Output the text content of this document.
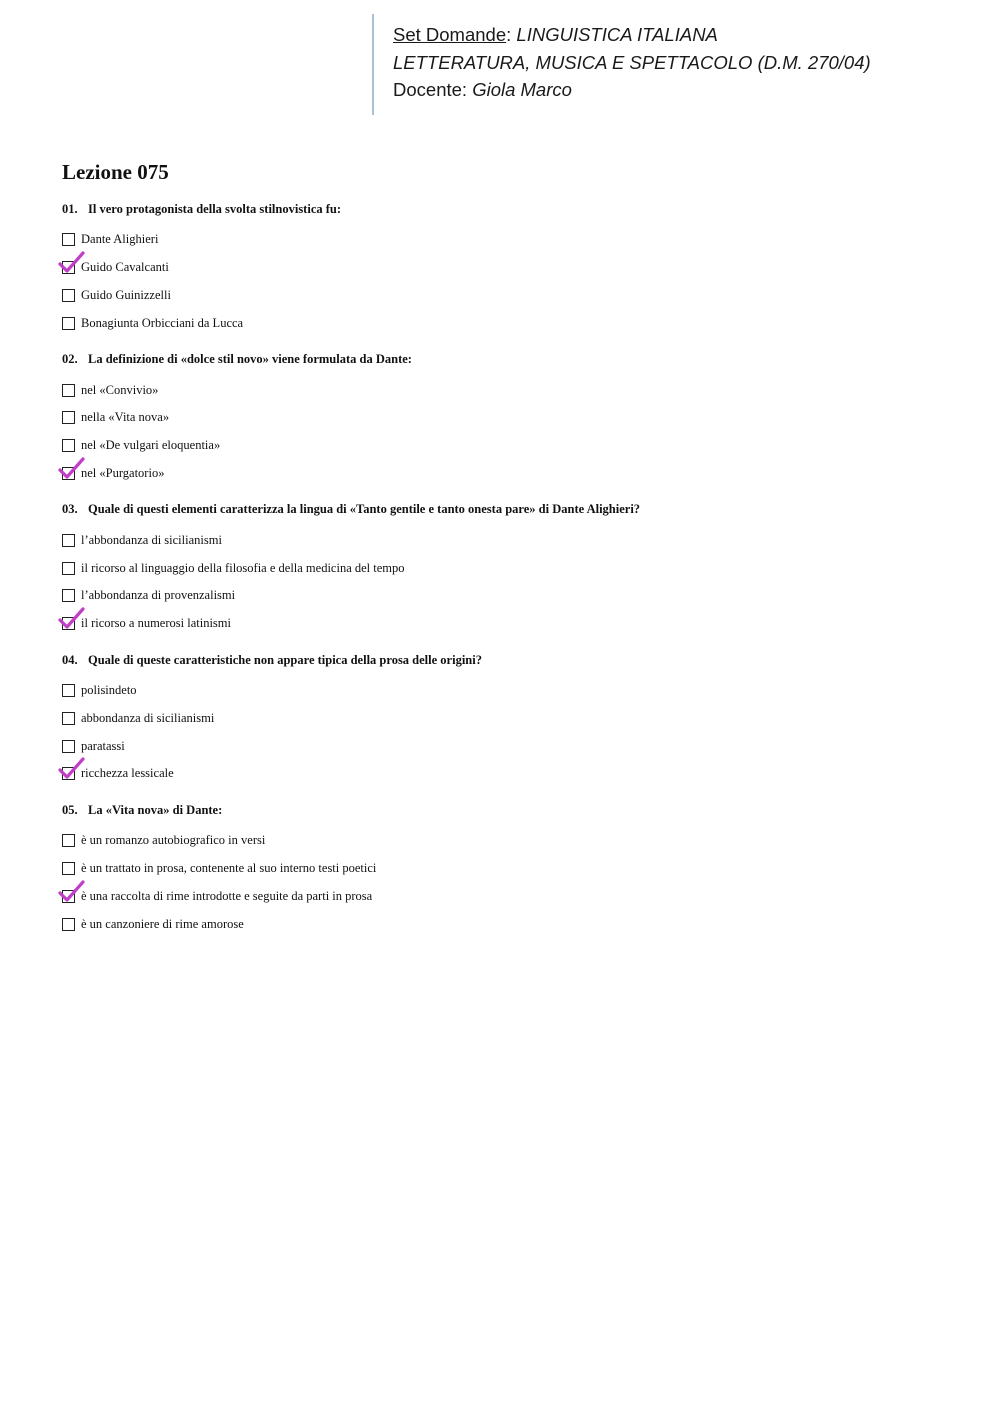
Set Domande: LINGUISTICA ITALIANA
LETTERATURA, MUSICA E SPETTACOLO (D.M. 270/04)
Docente: Giola Marco
Lezione 075
01. Il vero protagonista della svolta stilnovistica fu:
Dante Alighieri
Guido Cavalcanti
Guido Guinizzelli
Bonagiunta Orbicciani da Lucca
02. La definizione di «dolce stil novo» viene formulata da Dante:
nel «Convivio»
nella «Vita nova»
nel «De vulgari eloquentia»
nel «Purgatorio»
03. Quale di questi elementi caratterizza la lingua di «Tanto gentile e tanto onesta pare» di Dante Alighieri?
l’abbondanza di sicilianismi
il ricorso al linguaggio della filosofia e della medicina del tempo
l’abbondanza di provenzalismi
il ricorso a numerosi latinismi
04. Quale di queste caratteristiche non appare tipica della prosa delle origini?
polisindeto
abbondanza di sicilianismi
paratassi
ricchezza lessicale
05. La «Vita nova» di Dante:
è un romanzo autobiografico in versi
è un trattato in prosa, contenente al suo interno testi poetici
è una raccolta di rime introdotte e seguite da parti in prosa
è un canzoniere di rime amorose
